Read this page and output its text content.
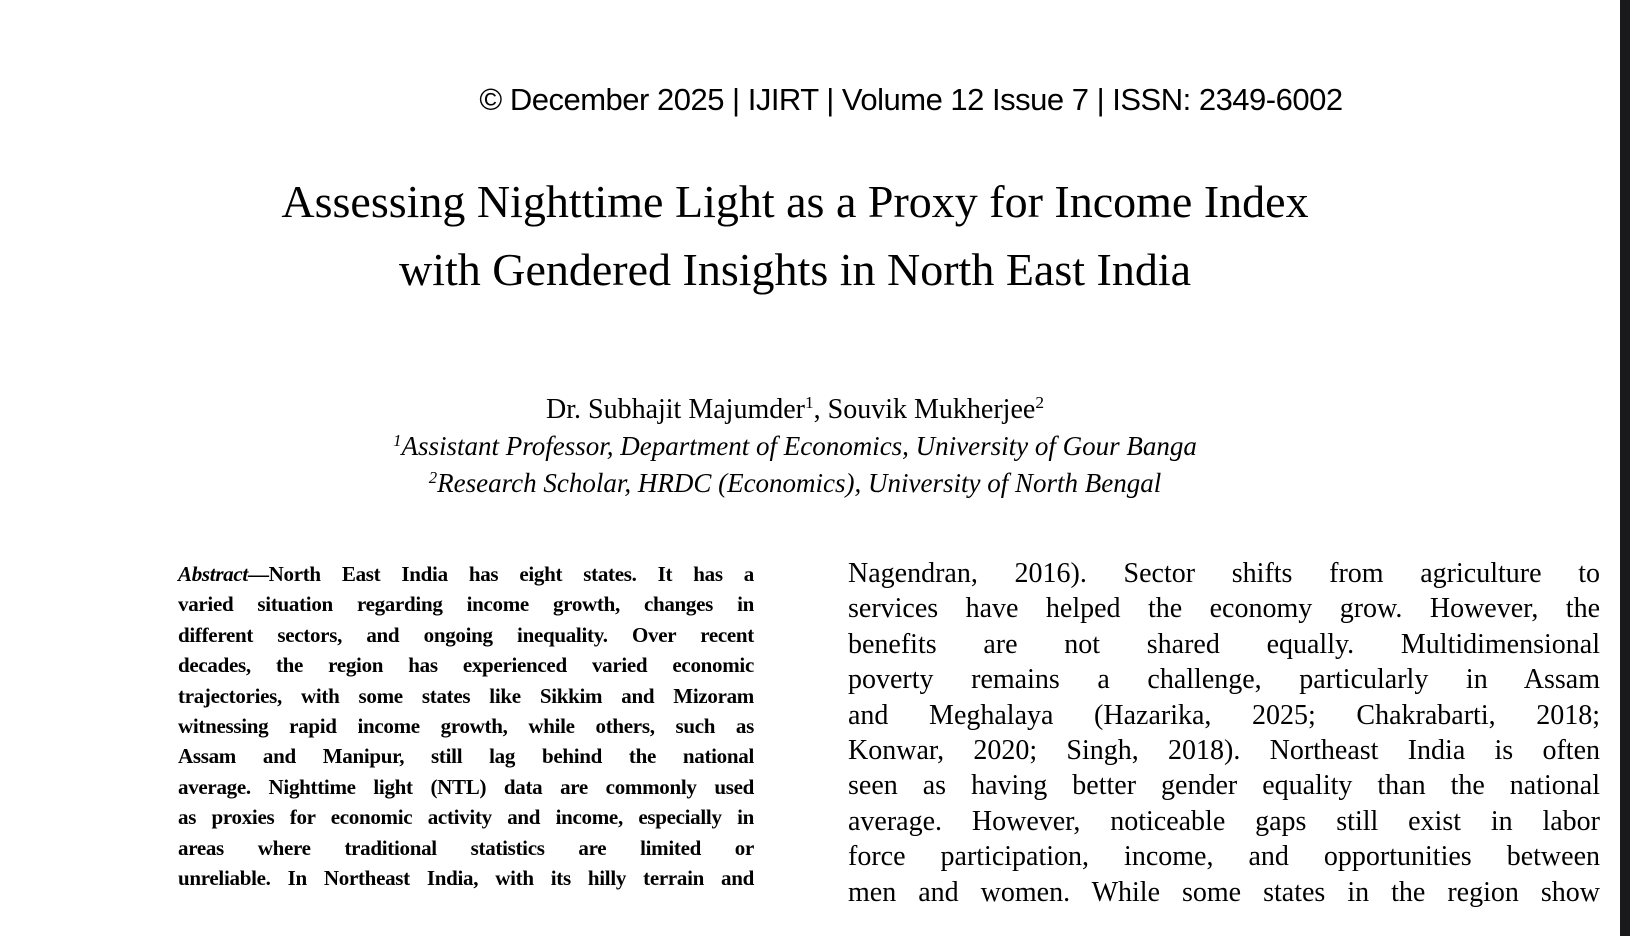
© December 2025 | IJIRT | Volume 12 Issue 7 | ISSN: 2349-6002
Assessing Nighttime Light as a Proxy for Income Index
with Gendered Insights in North East India
Dr. Subhajit Majumder$^1$, Souvik Mukherjee$^2$
$^1$Assistant Professor, Department of Economics, University of Gour Banga
$^2$Research Scholar, HRDC (Economics), University of North Bengal
Abstract—North East India has eight states. It has a
varied situation regarding income growth, changes in
different sectors, and ongoing inequality. Over recent
decades, the region has experienced varied economic
trajectories, with some states like Sikkim and Mizoram
witnessing rapid income growth, while others, such as
Assam and Manipur, still lag behind the national
average. Nighttime light (NTL) data are commonly used
as proxies for economic activity and income, especially in
areas where traditional statistics are limited or
unreliable. In Northeast India, with its hilly terrain and
Nagendran, 2016). Sector shifts from agriculture to
services have helped the economy grow. However, the
benefits are not shared equally. Multidimensional
poverty remains a challenge, particularly in Assam
and Meghalaya (Hazarika, 2025; Chakrabarti, 2018;
Konwar, 2020; Singh, 2018). Northeast India is often
seen as having better gender equality than the national
average. However, noticeable gaps still exist in labor
force participation, income, and opportunities between
men and women. While some states in the region show
